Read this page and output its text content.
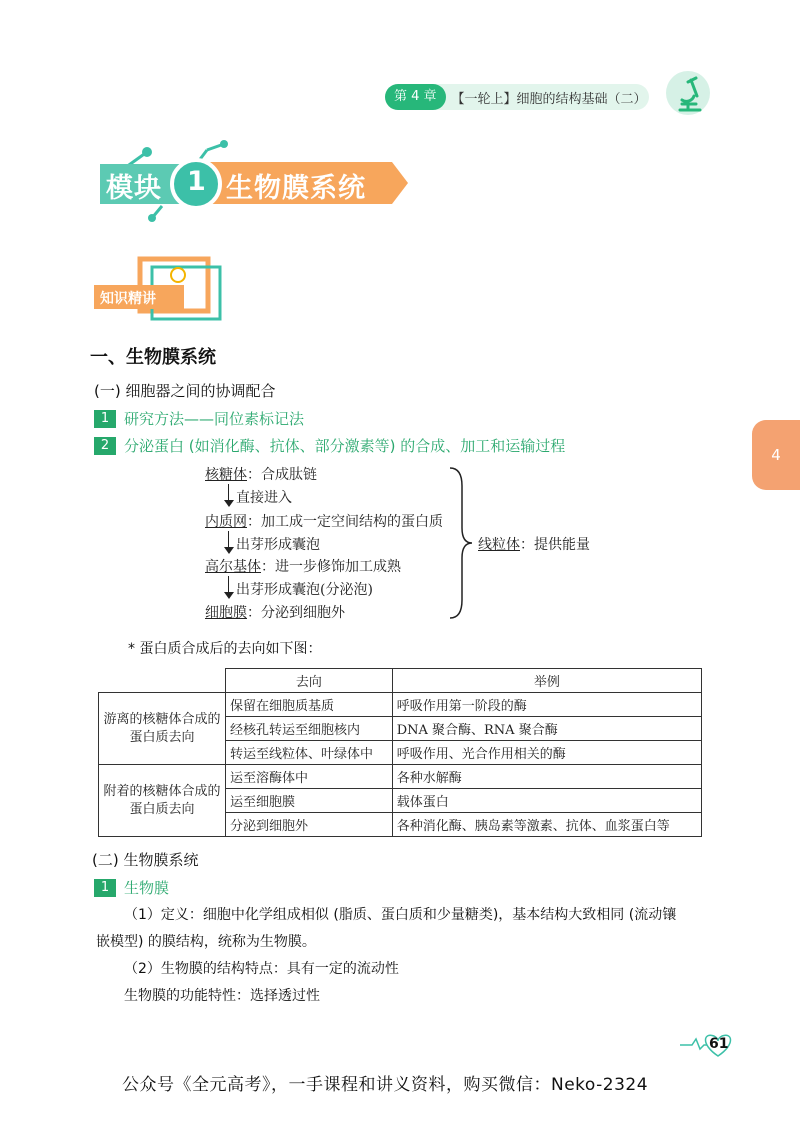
第 4 章	【一轮上】细胞的结构基础（二）
4
模块 1 生物膜系统
知识精讲
一、生物膜系统
(一) 细胞器之间的协调配合
1 研究方法——同位素标记法
2 分泌蛋白 (如消化酶、抗体、部分激素等) 的合成、加工和运输过程
核糖体：合成肽链
直接进入
内质网：加工成一定空间结构的蛋白质
出芽形成囊泡
高尔基体：进一步修饰加工成熟
出芽形成囊泡(分泌泡)
细胞膜：分泌到细胞外
线粒体：提供能量
* 蛋白质合成后的去向如下图：
	去向	举例
游离的核糖体合成的蛋白质去向	保留在细胞质基质	呼吸作用第一阶段的酶
	经核孔转运至细胞核内	DNA 聚合酶、RNA 聚合酶
	转运至线粒体、叶绿体中	呼吸作用、光合作用相关的酶
附着的核糖体合成的蛋白质去向	运至溶酶体中	各种水解酶
	运至细胞膜	载体蛋白
	分泌到细胞外	各种消化酶、胰岛素等激素、抗体、血浆蛋白等
(二) 生物膜系统
1 生物膜
（1）定义：细胞中化学组成相似 (脂质、蛋白质和少量糖类)，基本结构大致相同 (流动镶
嵌模型) 的膜结构，统称为生物膜。
（2）生物膜的结构特点：具有一定的流动性
生物膜的功能特性：选择透过性
61
公众号《全元高考》，一手课程和讲义资料，购买微信：Neko-2324
